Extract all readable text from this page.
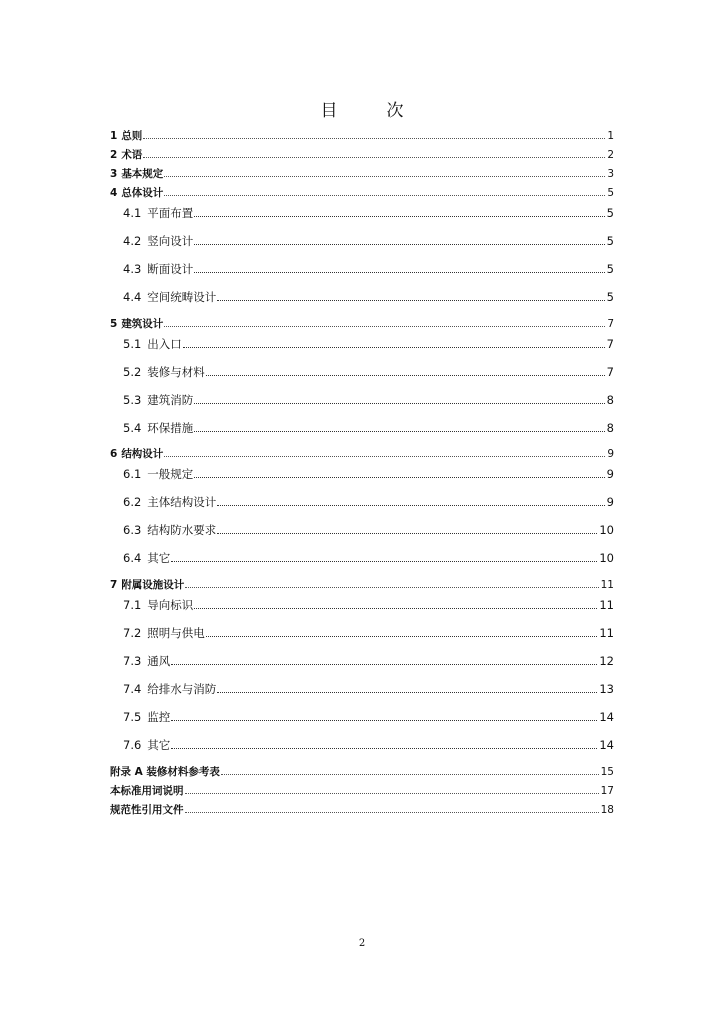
目　次
1 总则	1
2 术语	2
3 基本规定	3
4 总体设计	5
4.1 平面布置	5
4.2 竖向设计	5
4.3 断面设计	5
4.4 空间统畴设计	5
5 建筑设计	7
5.1 出入口	7
5.2 装修与材料	7
5.3 建筑消防	8
5.4 环保措施	8
6 结构设计	9
6.1 一般规定	9
6.2 主体结构设计	9
6.3 结构防水要求	10
6.4 其它	10
7 附属设施设计	11
7.1 导向标识	11
7.2 照明与供电	11
7.3 通风	12
7.4 给排水与消防	13
7.5 监控	14
7.6 其它	14
附录 A 装修材料参考表	15
本标准用词说明	17
规范性引用文件	18
2
